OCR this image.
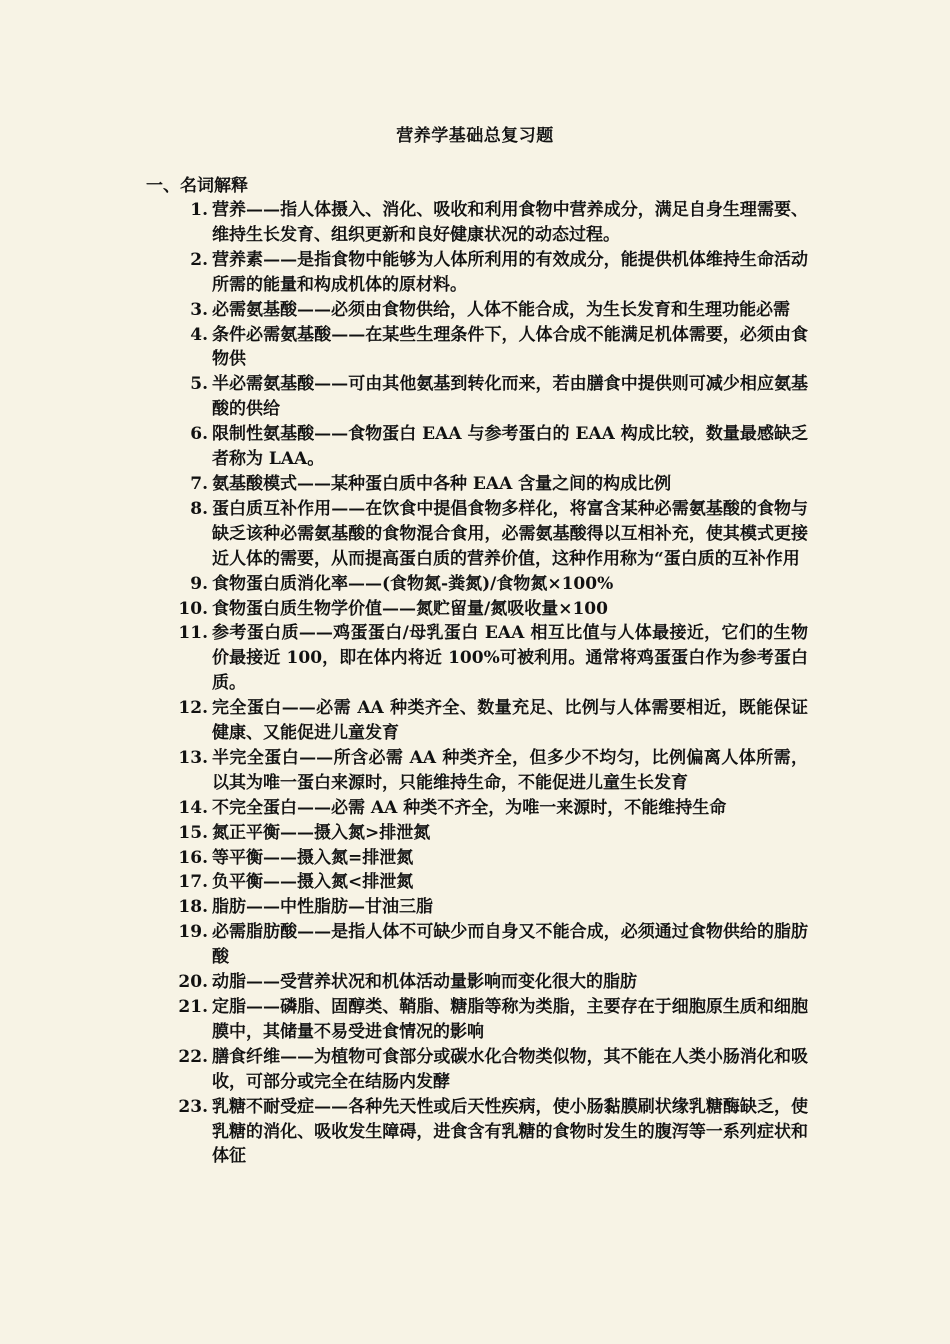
营养学基础总复习题
一、名词解释
1. 营养——指人体摄入、消化、吸收和利用食物中营养成分，满足自身生理需要、维持生长发育、组织更新和良好健康状况的动态过程。
2. 营养素——是指食物中能够为人体所利用的有效成分，能提供机体维持生命活动所需的能量和构成机体的原材料。
3. 必需氨基酸——必须由食物供给，人体不能合成，为生长发育和生理功能必需
4. 条件必需氨基酸——在某些生理条件下，人体合成不能满足机体需要，必须由食物供
5. 半必需氨基酸——可由其他氨基到转化而来，若由膳食中提供则可减少相应氨基酸的供给
6. 限制性氨基酸——食物蛋白 EAA 与参考蛋白的 EAA 构成比较，数量最感缺乏者称为 LAA。
7. 氨基酸模式——某种蛋白质中各种 EAA 含量之间的构成比例
8. 蛋白质互补作用——在饮食中提倡食物多样化，将富含某种必需氨基酸的食物与缺乏该种必需氨基酸的食物混合食用，必需氨基酸得以互相补充，使其模式更接近人体的需要，从而提高蛋白质的营养价值，这种作用称为“蛋白质的互补作用
9. 食物蛋白质消化率——(食物氮-粪氮)/食物氮×100%
10. 食物蛋白质生物学价值——氮贮留量/氮吸收量×100
11. 参考蛋白质——鸡蛋蛋白/母乳蛋白 EAA 相互比值与人体最接近，它们的生物价最接近 100，即在体内将近 100%可被利用。通常将鸡蛋蛋白作为参考蛋白质。
12. 完全蛋白——必需 AA 种类齐全、数量充足、比例与人体需要相近，既能保证健康、又能促进儿童发育
13. 半完全蛋白——所含必需 AA 种类齐全，但多少不均匀，比例偏离人体所需，以其为唯一蛋白来源时，只能维持生命，不能促进儿童生长发育
14. 不完全蛋白——必需 AA 种类不齐全，为唯一来源时，不能维持生命
15. 氮正平衡——摄入氮>排泄氮
16. 等平衡——摄入氮=排泄氮
17. 负平衡——摄入氮<排泄氮
18. 脂肪——中性脂肪—甘油三脂
19. 必需脂肪酸——是指人体不可缺少而自身又不能合成，必须通过食物供给的脂肪酸
20. 动脂——受营养状况和机体活动量影响而变化很大的脂肪
21. 定脂——磷脂、固醇类、鞘脂、糖脂等称为类脂，主要存在于细胞原生质和细胞膜中，其储量不易受进食情况的影响
22. 膳食纤维——为植物可食部分或碳水化合物类似物，其不能在人类小肠消化和吸收，可部分或完全在结肠内发酵
23. 乳糖不耐受症——各种先天性或后天性疾病，使小肠黏膜刷状缘乳糖酶缺乏，使乳糖的消化、吸收发生障碍，进食含有乳糖的食物时发生的腹泻等一系列症状和体征
